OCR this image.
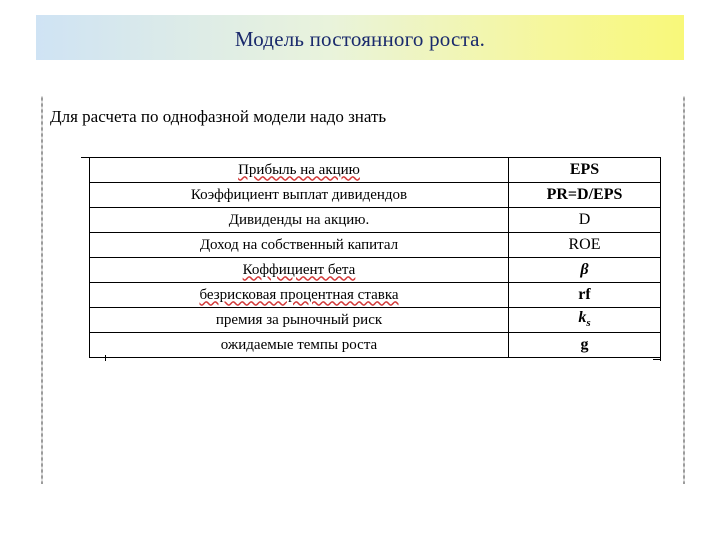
Модель постоянного роста.
Для расчета по однофазной модели надо знать
Прибыль на акцию	EPS
Коэффициент выплат дивидендов	PR=D/EPS
Дивиденды на акцию.	D
Доход на собственный капитал	ROE
Коффициент бета	β
безрисковая процентная ставка	rf
премия за рыночный риск	$k_s$
ожидаемые темпы роста	g
